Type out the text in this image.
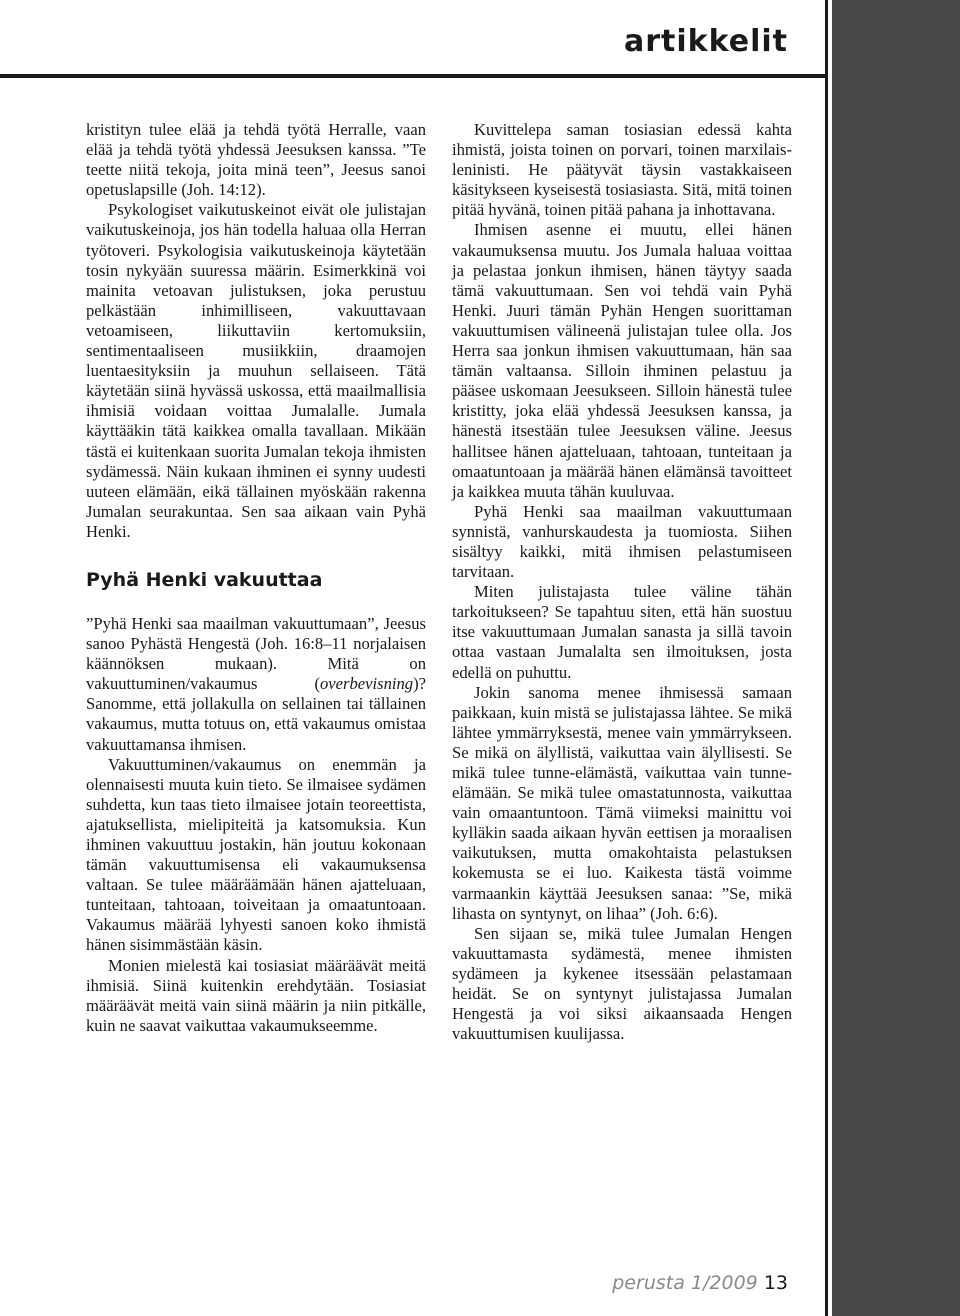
artikkelit

kristityn tulee elää ja tehdä työtä Herralle, vaan elää ja tehdä työtä yhdessä Jeesuksen kanssa. ”Te teette niitä tekoja, joita minä teen”, Jeesus sanoi opetuslapsille (Joh. 14:12).

Psykologiset vaikutuskeinot eivät ole julistajan vaikutuskeinoja, jos hän todella haluaa olla Herran työtoveri. Psykologisia vaikutuskeinoja käytetään tosin nykyään suuressa määrin. Esimerkkinä voi mainita vetoavan julistuksen, joka perustuu pelkästään inhimilliseen, vakuuttavaan vetoamiseen, liikuttaviin kertomuksiin, sentimentaaliseen musiikkiin, draamojen luentaesityksiin ja muuhun sellaiseen. Tätä käytetään siinä hyvässä uskossa, että maailmallisia ihmisiä voidaan voittaa Jumalalle. Jumala käyttääkin tätä kaikkea omalla tavallaan. Mikään tästä ei kuitenkaan suorita Jumalan tekoja ihmisten sydämessä. Näin kukaan ihminen ei synny uudesti uuteen elämään, eikä tällainen myöskään rakenna Jumalan seurakuntaa. Sen saa aikaan vain Pyhä Henki.

Pyhä Henki vakuuttaa

”Pyhä Henki saa maailman vakuuttumaan”, Jeesus sanoo Pyhästä Hengestä (Joh. 16:8–11 norjalaisen käännöksen mukaan). Mitä on vakuuttuminen/vakaumus (overbevisning)? Sanomme, että jollakulla on sellainen tai tällainen vakaumus, mutta totuus on, että vakaumus omistaa vakuuttamansa ihmisen.

Vakuuttuminen/vakaumus on enemmän ja olennaisesti muuta kuin tieto. Se ilmaisee sydämen suhdetta, kun taas tieto ilmaisee jotain teoreettista, ajatuksellista, mielipiteitä ja katsomuksia. Kun ihminen vakuuttuu jostakin, hän joutuu kokonaan tämän vakuuttumisensa eli vakaumuksensa valtaan. Se tulee määräämään hänen ajatteluaan, tunteitaan, tahtoaan, toiveitaan ja omaatuntoaan. Vakaumus määrää lyhyesti sanoen koko ihmistä hänen sisimmästään käsin.

Monien mielestä kai tosiasiat määräävät meitä ihmisiä. Siinä kuitenkin erehdytään. Tosiasiat määräävät meitä vain siinä määrin ja niin pitkälle, kuin ne saavat vaikuttaa vakaumukseemme.

Kuvittelepa saman tosiasian edessä kahta ihmistä, joista toinen on porvari, toinen marxilais-leninisti. He päätyvät täysin vastakkaiseen käsitykseen kyseisestä tosiasiasta. Sitä, mitä toinen pitää hyvänä, toinen pitää pahana ja inhottavana.

Ihmisen asenne ei muutu, ellei hänen vakaumuksensa muutu. Jos Jumala haluaa voittaa ja pelastaa jonkun ihmisen, hänen täytyy saada tämä vakuuttumaan. Sen voi tehdä vain Pyhä Henki. Juuri tämän Pyhän Hengen suorittaman vakuuttumisen välineenä julistajan tulee olla. Jos Herra saa jonkun ihmisen vakuuttumaan, hän saa tämän valtaansa. Silloin ihminen pelastuu ja pääsee uskomaan Jeesukseen. Silloin hänestä tulee kristitty, joka elää yhdessä Jeesuksen kanssa, ja hänestä itsestään tulee Jeesuksen väline. Jeesus hallitsee hänen ajatteluaan, tahtoaan, tunteitaan ja omaatuntoaan ja määrää hänen elämänsä tavoitteet ja kaikkea muuta tähän kuuluvaa.

Pyhä Henki saa maailman vakuuttumaan synnistä, vanhurskaudesta ja tuomiosta. Siihen sisältyy kaikki, mitä ihmisen pelastumiseen tarvitaan.

Miten julistajasta tulee väline tähän tarkoitukseen? Se tapahtuu siten, että hän suostuu itse vakuuttumaan Jumalan sanasta ja sillä tavoin ottaa vastaan Jumalalta sen ilmoituksen, josta edellä on puhuttu.

Jokin sanoma menee ihmisessä samaan paikkaan, kuin mistä se julistajassa lähtee. Se mikä lähtee ymmärryksestä, menee vain ymmärrykseen. Se mikä on älyllistä, vaikuttaa vain älyllisesti. Se mikä tulee tunne-elämästä, vaikuttaa vain tunne-elämään. Se mikä tulee omastatunnosta, vaikuttaa vain omaantuntoon. Tämä viimeksi mainittu voi kylläkin saada aikaan hyvän eettisen ja moraalisen vaikutuksen, mutta omakohtaista pelastuksen kokemusta se ei luo. Kaikesta tästä voimme varmaankin käyttää Jeesuksen sanaa: ”Se, mikä lihasta on syntynyt, on lihaa” (Joh. 6:6).

Sen sijaan se, mikä tulee Jumalan Hengen vakuuttamasta sydämestä, menee ihmisten sydämeen ja kykenee itsessään pelastamaan heidät. Se on syntynyt julistajassa Jumalan Hengestä ja voi siksi aikaansaada Hengen vakuuttumisen kuulijassa.

perusta 1/2009 13
